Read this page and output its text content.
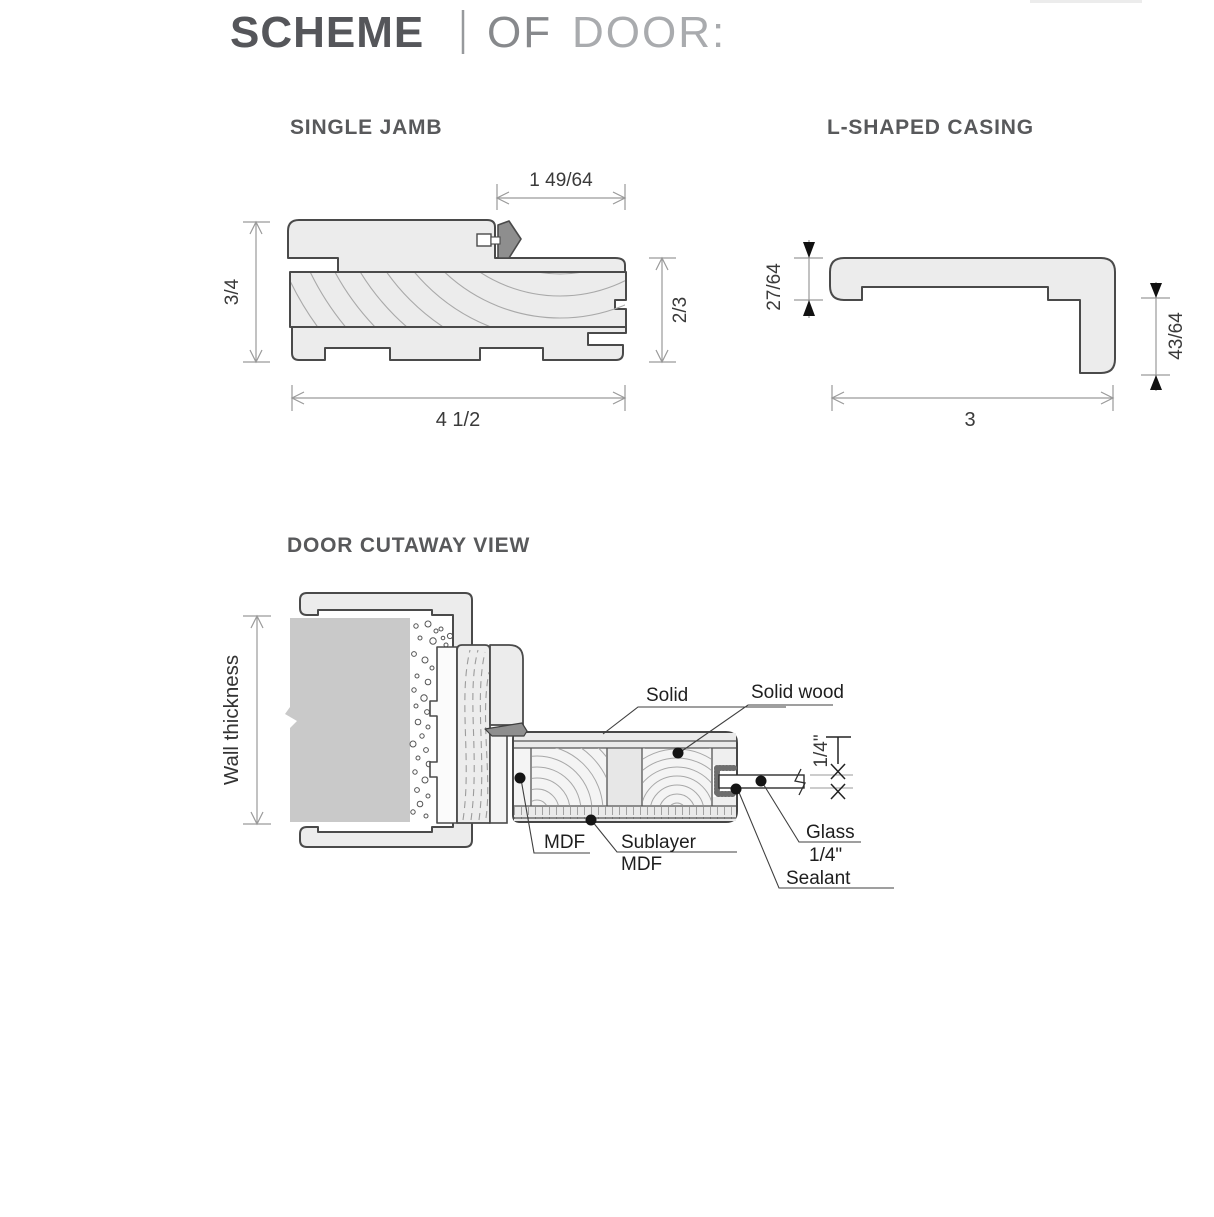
SCHEME OF DOOR:
SINGLE JAMB
1 49/64
3/4
2/3
4 1/2
L-SHAPED CASING
27/64
43/64
3
DOOR CUTAWAY VIEW
Wall thickness	1/4"
Solid	Solid wood
MDF Sublayer
MDF
Glass
1/4"
Sealant
